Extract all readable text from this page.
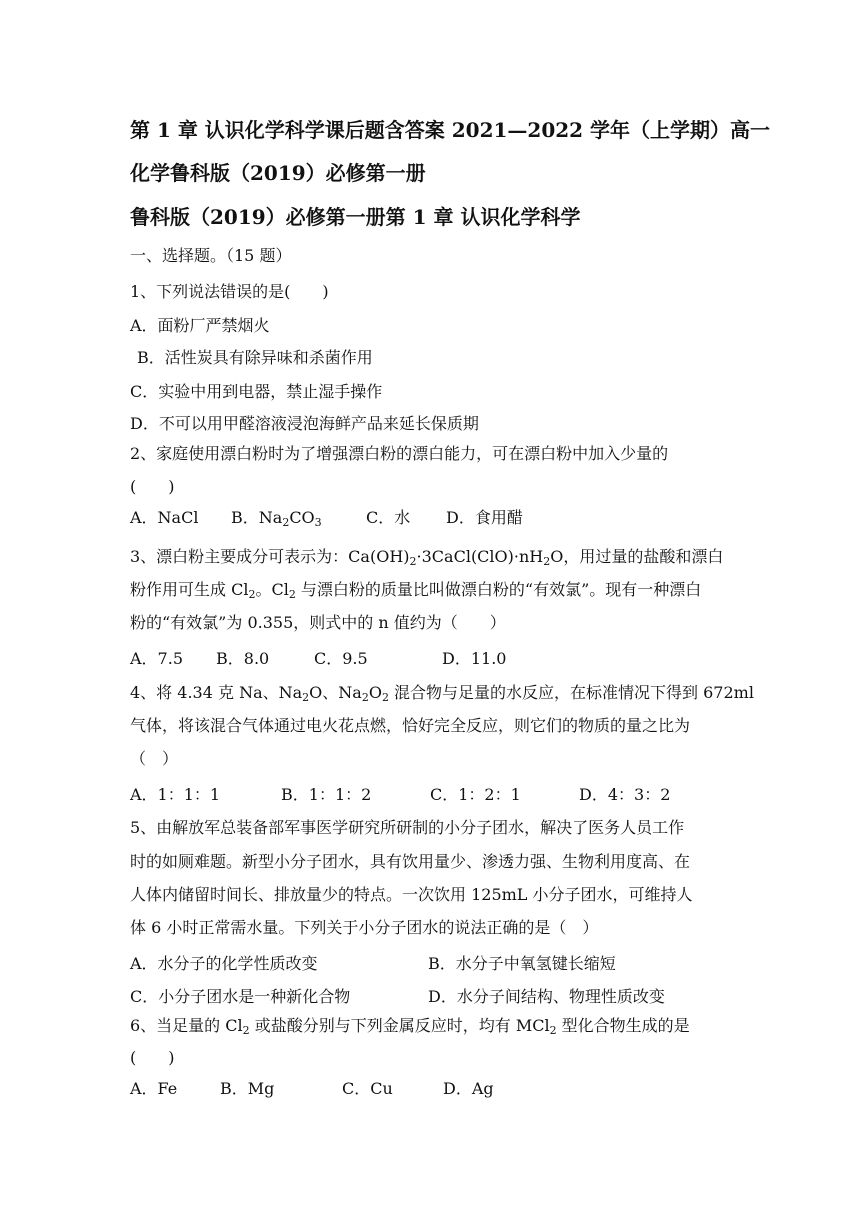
第 1 章 认识化学科学课后题含答案 2021—2022 学年（上学期）高一
化学鲁科版（2019）必修第一册
鲁科版（2019）必修第一册第 1 章 认识化学科学
一、选择题。（15 题）
1、下列说法错误的是(　　)
A．面粉厂严禁烟火
B．活性炭具有除异味和杀菌作用
C．实验中用到电器，禁止湿手操作
D．不可以用甲醛溶液浸泡海鲜产品来延长保质期
2、家庭使用漂白粉时为了增强漂白粉的漂白能力，可在漂白粉中加入少量的
(　　)
A．NaCl B．$Na_2CO_3$	C．水 D．食用醋
3、漂白粉主要成分可表示为：$Ca(OH)_2\cdot 3CaCl(ClO)\cdot nH_2O$，用过量的盐酸和漂白
粉作用可生成 $Cl_2$。$Cl_2$ 与漂白粉的质量比叫做漂白粉的“有效氯”。现有一种漂白
粉的“有效氯”为 0.355，则式中的 n 值约为（　　）
A．7.5 B．8.0	C．9.5	D．11.0
4、将 4.34 克 Na、$Na_2O$、$Na_2O_2$ 混合物与足量的水反应，在标准情况下得到 672ml
气体，将该混合气体通过电火花点燃，恰好完全反应，则它们的物质的量之比为
（　）
A．1：1：1	B．1：1：2	C．1：2：1	D．4：3：2
5、由解放军总装备部军事医学研究所研制的小分子团水，解决了医务人员工作
时的如厕难题。新型小分子团水，具有饮用量少、渗透力强、生物利用度高、在
人体内储留时间长、排放量少的特点。一次饮用 125mL 小分子团水，可维持人
体 6 小时正常需水量。下列关于小分子团水的说法正确的是（　）
A．水分子的化学性质改变	B．水分子中氧氢键长缩短
C．小分子团水是一种新化合物	D．水分子间结构、物理性质改变
6、当足量的 $Cl_2$ 或盐酸分别与下列金属反应时，均有 MCl$_2$ 型化合物生成的是
(　　)
A．Fe	B．Mg	C．Cu	D．Ag
